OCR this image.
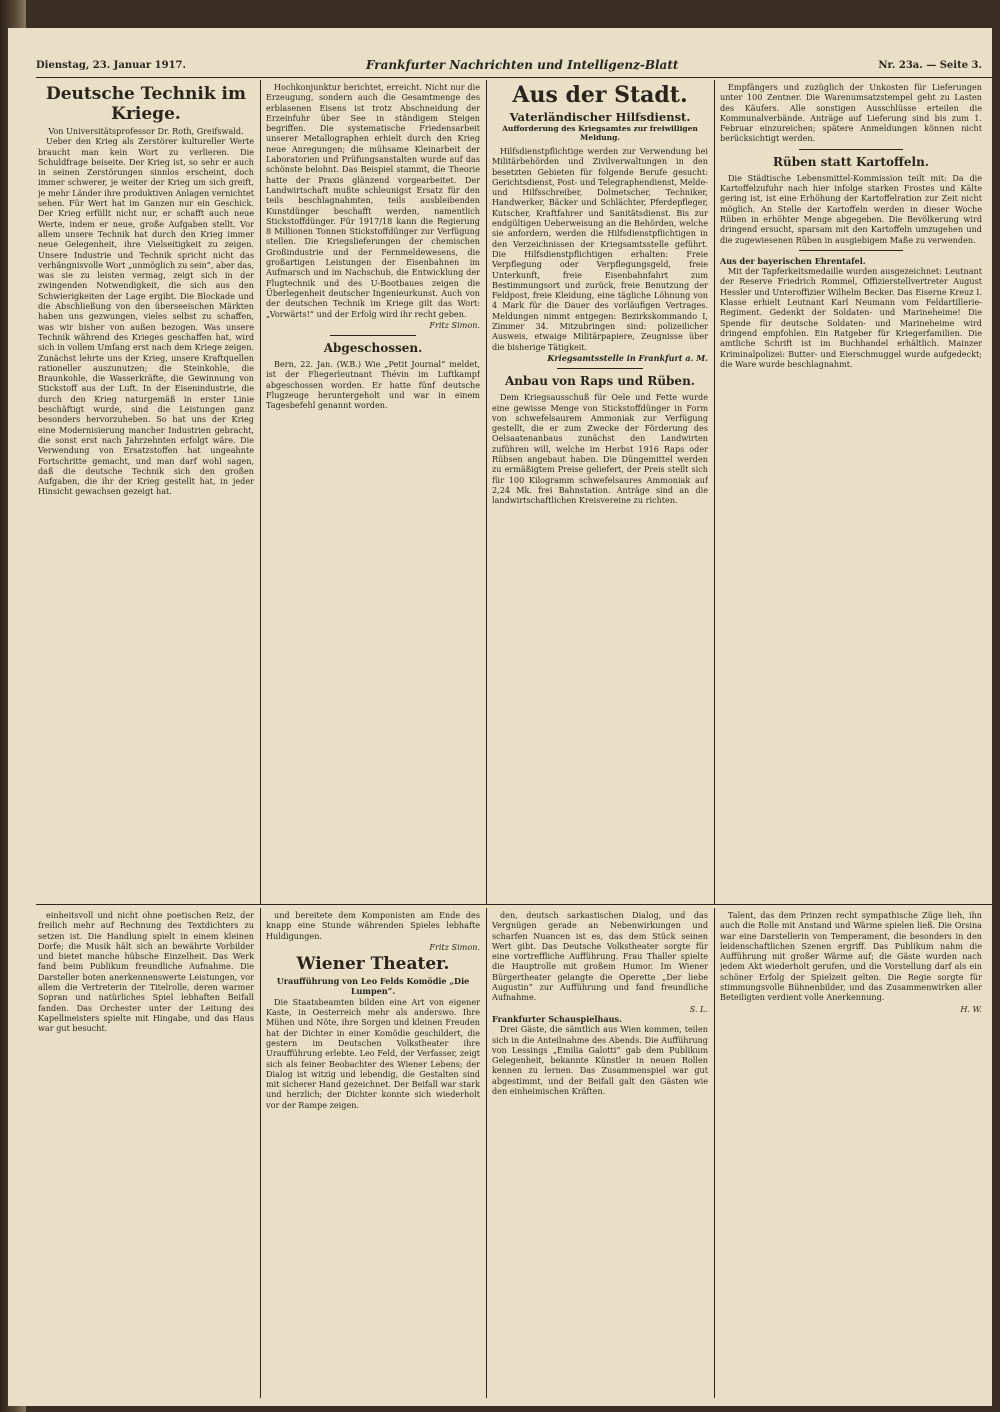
Dienstag, 23. Januar 1917.	Frankfurter Nachrichten und Intelligenz-Blatt	Nr. 23a. — Seite 3.
Deutsche Technik im Kriege.
Von Universitätsprofessor Dr. Roth, Greifswald.

Ueber den Krieg als Zerstörer kultureller Werte braucht man kein Wort zu verlieren. Die Schuldfrage beiseite. Der Krieg ist, so sehr er auch in seinen Zerstörungen sinnlos erscheint, doch immer schwerer, je weiter der Krieg um sich greift, je mehr Länder ihre produktiven Anlagen vernichtet sehen. Für Wert hat im Ganzen nur ein Geschick. Der Krieg erfüllt nicht nur, er schafft auch neue Werte, indem er neue, große Aufgaben stellt. Vor allem unsere Technik hat durch den Krieg immer neue Gelegenheit, ihre Vielseitigkeit zu zeigen. Unsere Industrie und Technik spricht nicht das verhängnisvolle Wort „unmöglich zu sein“, aber das, was sie zu leisten vermag, zeigt sich in der zwingenden Notwendigkeit, die sich aus den Schwierigkeiten der Lage ergibt. Die Blockade und die Abschließung von den überseeischen Märkten haben uns gezwungen, vieles selbst zu schaffen, was wir bisher von außen bezogen. Was unsere Technik während des Krieges geschaffen hat, wird sich in vollem Umfang erst nach dem Kriege zeigen. Zunächst lehrte uns der Krieg, unsere Kraftquellen rationeller auszunutzen; die Steinkohle, die Braunkohle, die Wasserkräfte, die Gewinnung von Stickstoff aus der Luft. In der Eisenindustrie, die durch den Krieg naturgemäß in erster Linie beschäftigt wurde, sind die Leistungen ganz besonders hervorzuheben. So hat uns der Krieg eine Modernisierung mancher Industrien gebracht, die sonst erst nach Jahrzehnten erfolgt wäre. Die Verwendung von Ersatzstoffen hat ungeahnte Fortschritte gemacht, und man darf wohl sagen, daß die deutsche Technik sich den großen Aufgaben, die ihr der Krieg gestellt hat, in jeder Hinsicht gewachsen gezeigt hat.

Hochkonjunktur berichtet, erreicht. Nicht nur die Erzeugung, sondern auch die Gesamtmenge des erblasenen Eisens ist trotz Abschneidung der Erzeinfuhr über See in ständigem Steigen begriffen. Die systematische Friedensarbeit unserer Metallographen erhielt durch den Krieg neue Anregungen; die mühsame Kleinarbeit der Laboratorien und Prüfungsanstalten wurde auf das schönste belohnt. Das Beispiel stammt, die Theorie hatte der Praxis glänzend vorgearbeitet. Der Landwirtschaft mußte schleunigst Ersatz für den teils beschlagnahmten, teils ausbleibenden Kunstdünger beschafft werden, namentlich Stickstoffdünger. Für 1917/18 kann die Regierung 8 Millionen Tonnen Stickstoffdünger zur Verfügung stellen. Die Kriegslieferungen der chemischen Großindustrie und der Fernmeldewesens, die großartigen Leistungen der Eisenbahnen im Aufmarsch und im Nachschub, die Entwicklung der Flugtechnik und des U-Bootbaues zeigen die Überlegenheit deutscher Ingenieurkunst. Auch von der deutschen Technik im Kriege gilt das Wort: „Vorwärts!“ und der Erfolg wird ihr recht geben.

Fritz Simon.
Abgeschossen.

Bern, 22. Jan. (W.B.) Wie „Petit Journal“ meldet, ist der Fliegerleutnant Thévin im Luftkampf abgeschossen worden. Er hatte fünf deutsche Flugzeuge heruntergeholt und war in einem Tagesbefehl genannt worden.

Aus der Stadt.
Vaterländischer Hilfsdienst.
Aufforderung des Kriegsamtes zur freiwilligen Meldung.

Hilfsdienstpflichtige werden zur Verwendung bei Militärbehörden und Zivilverwaltungen in den besetzten Gebieten für folgende Berufe gesucht: Gerichtsdienst, Post- und Telegraphendienst, Melde- und Hilfsschreiber, Dolmetscher, Techniker, Handwerker, Bäcker und Schlächter, Pferdepfleger, Kutscher, Kraftfahrer und Sanitätsdienst. Bis zur endgültigen Ueberweisung an die Behörden, welche sie anfordern, werden die Hilfsdienstpflichtigen in den Verzeichnissen der Kriegsamtsstelle geführt. Die Hilfsdienstpflichtigen erhalten: Freie Verpflegung oder Verpflegungsgeld, freie Unterkunft, freie Eisenbahnfahrt zum Bestimmungsort und zurück, freie Benutzung der Feldpost, freie Kleidung, eine tägliche Löhnung von 4 Mark für die Dauer des vorläufigen Vertrages. Meldungen nimmt entgegen: Bezirkskommando I, Zimmer 34. Mitzubringen sind: polizeilicher Ausweis, etwaige Militärpapiere, Zeugnisse über die bisherige Tätigkeit.

Kriegsamtsstelle in Frankfurt a. M.
Anbau von Raps und Rüben.

Dem Kriegsausschuß für Oele und Fette wurde eine gewisse Menge von Stickstoffdünger in Form von schwefelsaurem Ammoniak zur Verfügung gestellt, die er zum Zwecke der Förderung des Oelsaatenanbaus zunächst den Landwirten zuführen will, welche im Herbst 1916 Raps oder Rübsen angebaut haben. Die Düngemittel werden zu ermäßigtem Preise geliefert, der Preis stellt sich für 100 Kilogramm schwefelsaures Ammoniak auf 2,24 Mk. frei Bahnstation. Anträge sind an die landwirtschaftlichen Kreisvereine zu richten.

Empfängers und zuzüglich der Unkosten für Lieferungen unter 100 Zentner. Die Warenumsatzstempel geht zu Lasten des Käufers. Alle sonstigen Ausschlüsse erteilen die Kommunalverbände. Anträge auf Lieferung sind bis zum 1. Februar einzureichen; spätere Anmeldungen können nicht berücksichtigt werden.

Rüben statt Kartoffeln.

Die Städtische Lebensmittel-Kommission teilt mit: Da die Kartoffelzufuhr nach hier infolge starken Frostes und Kälte gering ist, ist eine Erhöhung der Kartoffelration zur Zeit nicht möglich. An Stelle der Kartoffeln werden in dieser Woche Rüben in erhöhter Menge abgegeben. Die Bevölkerung wird dringend ersucht, sparsam mit den Kartoffeln umzugehen und die zugewiesenen Rüben in ausgiebigem Maße zu verwenden.

Aus der bayerischen Ehrentafel.

Mit der Tapferkeitsmedaille wurden ausgezeichnet: Leutnant der Reserve Friedrich Rommel, Offizierstellvertreter August Hessler und Unteroffizier Wilhelm Becker. Das Eiserne Kreuz I. Klasse erhielt Leutnant Karl Neumann vom Feldartillerie-Regiment. Gedenkt der Soldaten- und Marineheime! Die Spende für deutsche Soldaten- und Marineheime wird dringend empfohlen. Ein Ratgeber für Kriegerfamilien. Die amtliche Schrift ist im Buchhandel erhältlich. Mainzer Kriminalpolizei: Butter- und Eierschmuggel wurde aufgedeckt; die Ware wurde beschlagnahmt.

einheitsvoll und nicht ohne poetischen Reiz, der freilich mehr auf Rechnung des Textdichters zu setzen ist. Die Handlung spielt in einem kleinen Dorfe; die Musik hält sich an bewährte Vorbilder und bietet manche hübsche Einzelheit. Das Werk fand beim Publikum freundliche Aufnahme. Die Darsteller boten anerkennenswerte Leistungen, vor allem die Vertreterin der Titelrolle, deren warmer Sopran und natürliches Spiel lebhaften Beifall fanden. Das Orchester unter der Leitung des Kapellmeisters spielte mit Hingabe, und das Haus war gut besucht.

und bereitete dem Komponisten am Ende des knapp eine Stunde währenden Spieles lebhafte Huldigungen.

Fritz Simon.
Wiener Theater.
Uraufführung von Leo Felds Komödie „Die Lumpen“.

Die Staatsbeamten bilden eine Art von eigener Kaste, in Oesterreich mehr als anderswo. Ihre Mühen und Nöte, ihre Sorgen und kleinen Freuden hat der Dichter in einer Komödie geschildert, die gestern im Deutschen Volkstheater ihre Uraufführung erlebte. Leo Feld, der Verfasser, zeigt sich als feiner Beobachter des Wiener Lebens; der Dialog ist witzig und lebendig, die Gestalten sind mit sicherer Hand gezeichnet. Der Beifall war stark und herzlich; der Dichter konnte sich wiederholt vor der Rampe zeigen.

den, deutsch sarkastischen Dialog, und das Vergnügen gerade an Nebenwirkungen und scharfen Nuancen ist es, das dem Stück seinen Wert gibt. Das Deutsche Volkstheater sorgte für eine vortreffliche Aufführung. Frau Thaller spielte die Hauptrolle mit großem Humor. Im Wiener Bürgertheater gelangte die Operette „Der liebe Augustin“ zur Aufführung und fand freundliche Aufnahme.

S. L.
Frankfurter Schauspielhaus.

Drei Gäste, die sämtlich aus Wien kommen, teilen sich in die Anteilnahme des Abends. Die Aufführung von Lessings „Emilia Galotti“ gab dem Publikum Gelegenheit, bekannte Künstler in neuen Rollen kennen zu lernen. Das Zusammenspiel war gut abgestimmt, und der Beifall galt den Gästen wie den einheimischen Kräften.

Talent, das dem Prinzen recht sympathische Züge lieh, ihn auch die Rolle mit Anstand und Wärme spielen ließ. Die Orsina war eine Darstellerin von Temperament, die besonders in den leidenschaftlichen Szenen ergriff. Das Publikum nahm die Aufführung mit großer Wärme auf; die Gäste wurden nach jedem Akt wiederholt gerufen, und die Vorstellung darf als ein schöner Erfolg der Spielzeit gelten. Die Regie sorgte für stimmungsvolle Bühnenbilder, und das Zusammenwirken aller Beteiligten verdient volle Anerkennung.

H. W.
